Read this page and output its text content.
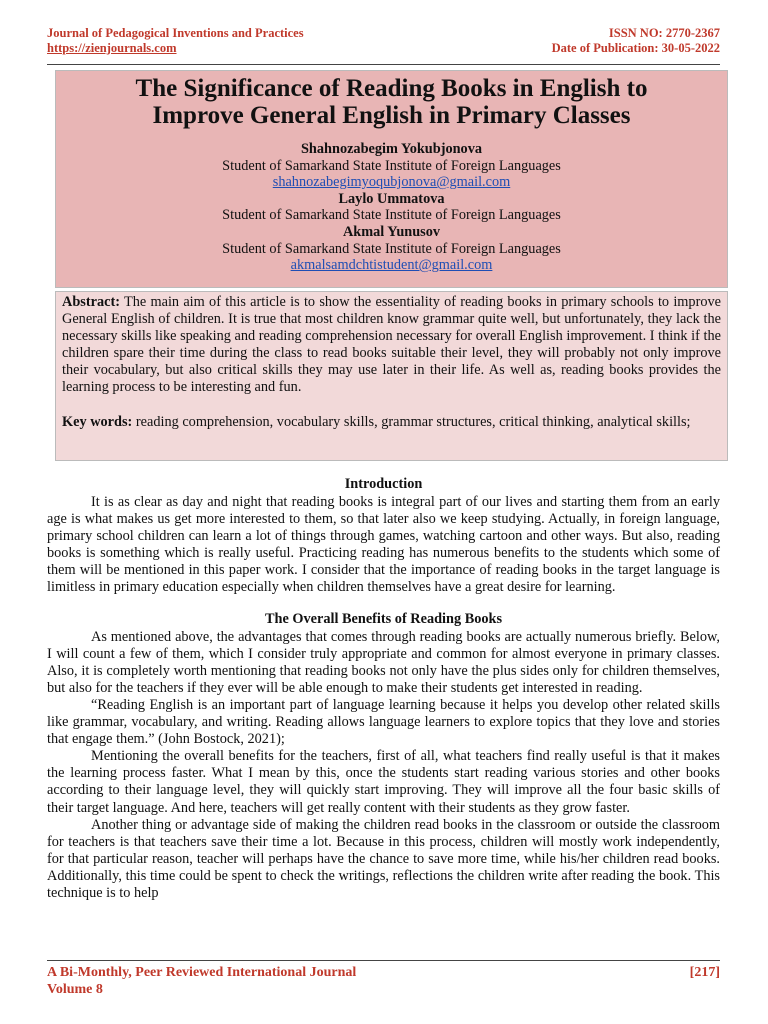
Journal of Pedagogical Inventions and Practices
https://zienjournals.com
ISSN NO: 2770-2367
Date of Publication: 30-05-2022
The Significance of Reading Books in English to
Improve General English in Primary Classes
Shahnozabegim Yokubjonova
Student of Samarkand State Institute of Foreign Languages
shahnozabegimyoqubjonova@gmail.com
Laylo Ummatova
Student of Samarkand State Institute of Foreign Languages
Akmal Yunusov
Student of Samarkand State Institute of Foreign Languages
akmalsamdchtistudent@gmail.com

Abstract: The main aim of this article is to show the essentiality of reading books in primary schools to improve General English of children. It is true that most children know grammar quite well, but unfortunately, they lack the necessary skills like speaking and reading comprehension necessary for overall English improvement. I think if the children spare their time during the class to read books suitable their level, they will probably not only improve their vocabulary, but also critical skills they may use later in their life. As well as, reading books provides the learning process to be interesting and fun.

Key words: reading comprehension, vocabulary skills, grammar structures, critical thinking, analytical skills;

Introduction

It is as clear as day and night that reading books is integral part of our lives and starting them from an early age is what makes us get more interested to them, so that later also we keep studying. Actually, in foreign language, primary school children can learn a lot of things through games, watching cartoon and other ways. But also, reading books is something which is really useful. Practicing reading has numerous benefits to the students which some of them will be mentioned in this paper work. I consider that the importance of reading books in the target language is limitless in primary education especially when children themselves have a great desire for learning.

The Overall Benefits of Reading Books

As mentioned above, the advantages that comes through reading books are actually numerous briefly. Below, I will count a few of them, which I consider truly appropriate and common for almost everyone in primary classes. Also, it is completely worth mentioning that reading books not only have the plus sides only for children themselves, but also for the teachers if they ever will be able enough to make their students get interested in reading.

“Reading English is an important part of language learning because it helps you develop other related skills like grammar, vocabulary, and writing. Reading allows language learners to explore topics that they love and stories that engage them.” (John Bostock, 2021);

Mentioning the overall benefits for the teachers, first of all, what teachers find really useful is that it makes the learning process faster. What I mean by this, once the students start reading various stories and other books according to their language level, they will quickly start improving. They will improve all the four basic skills of their target language. And here, teachers will get really content with their students as they grow faster.

Another thing or advantage side of making the children read books in the classroom or outside the classroom for teachers is that teachers save their time a lot. Because in this process, children will mostly work independently, for that particular reason, teacher will perhaps have the chance to save more time, while his/her children read books. Additionally, this time could be spent to check the writings, reflections the children write after reading the book. This technique is to help

A Bi-Monthly, Peer Reviewed International Journal
Volume 8
[217]
